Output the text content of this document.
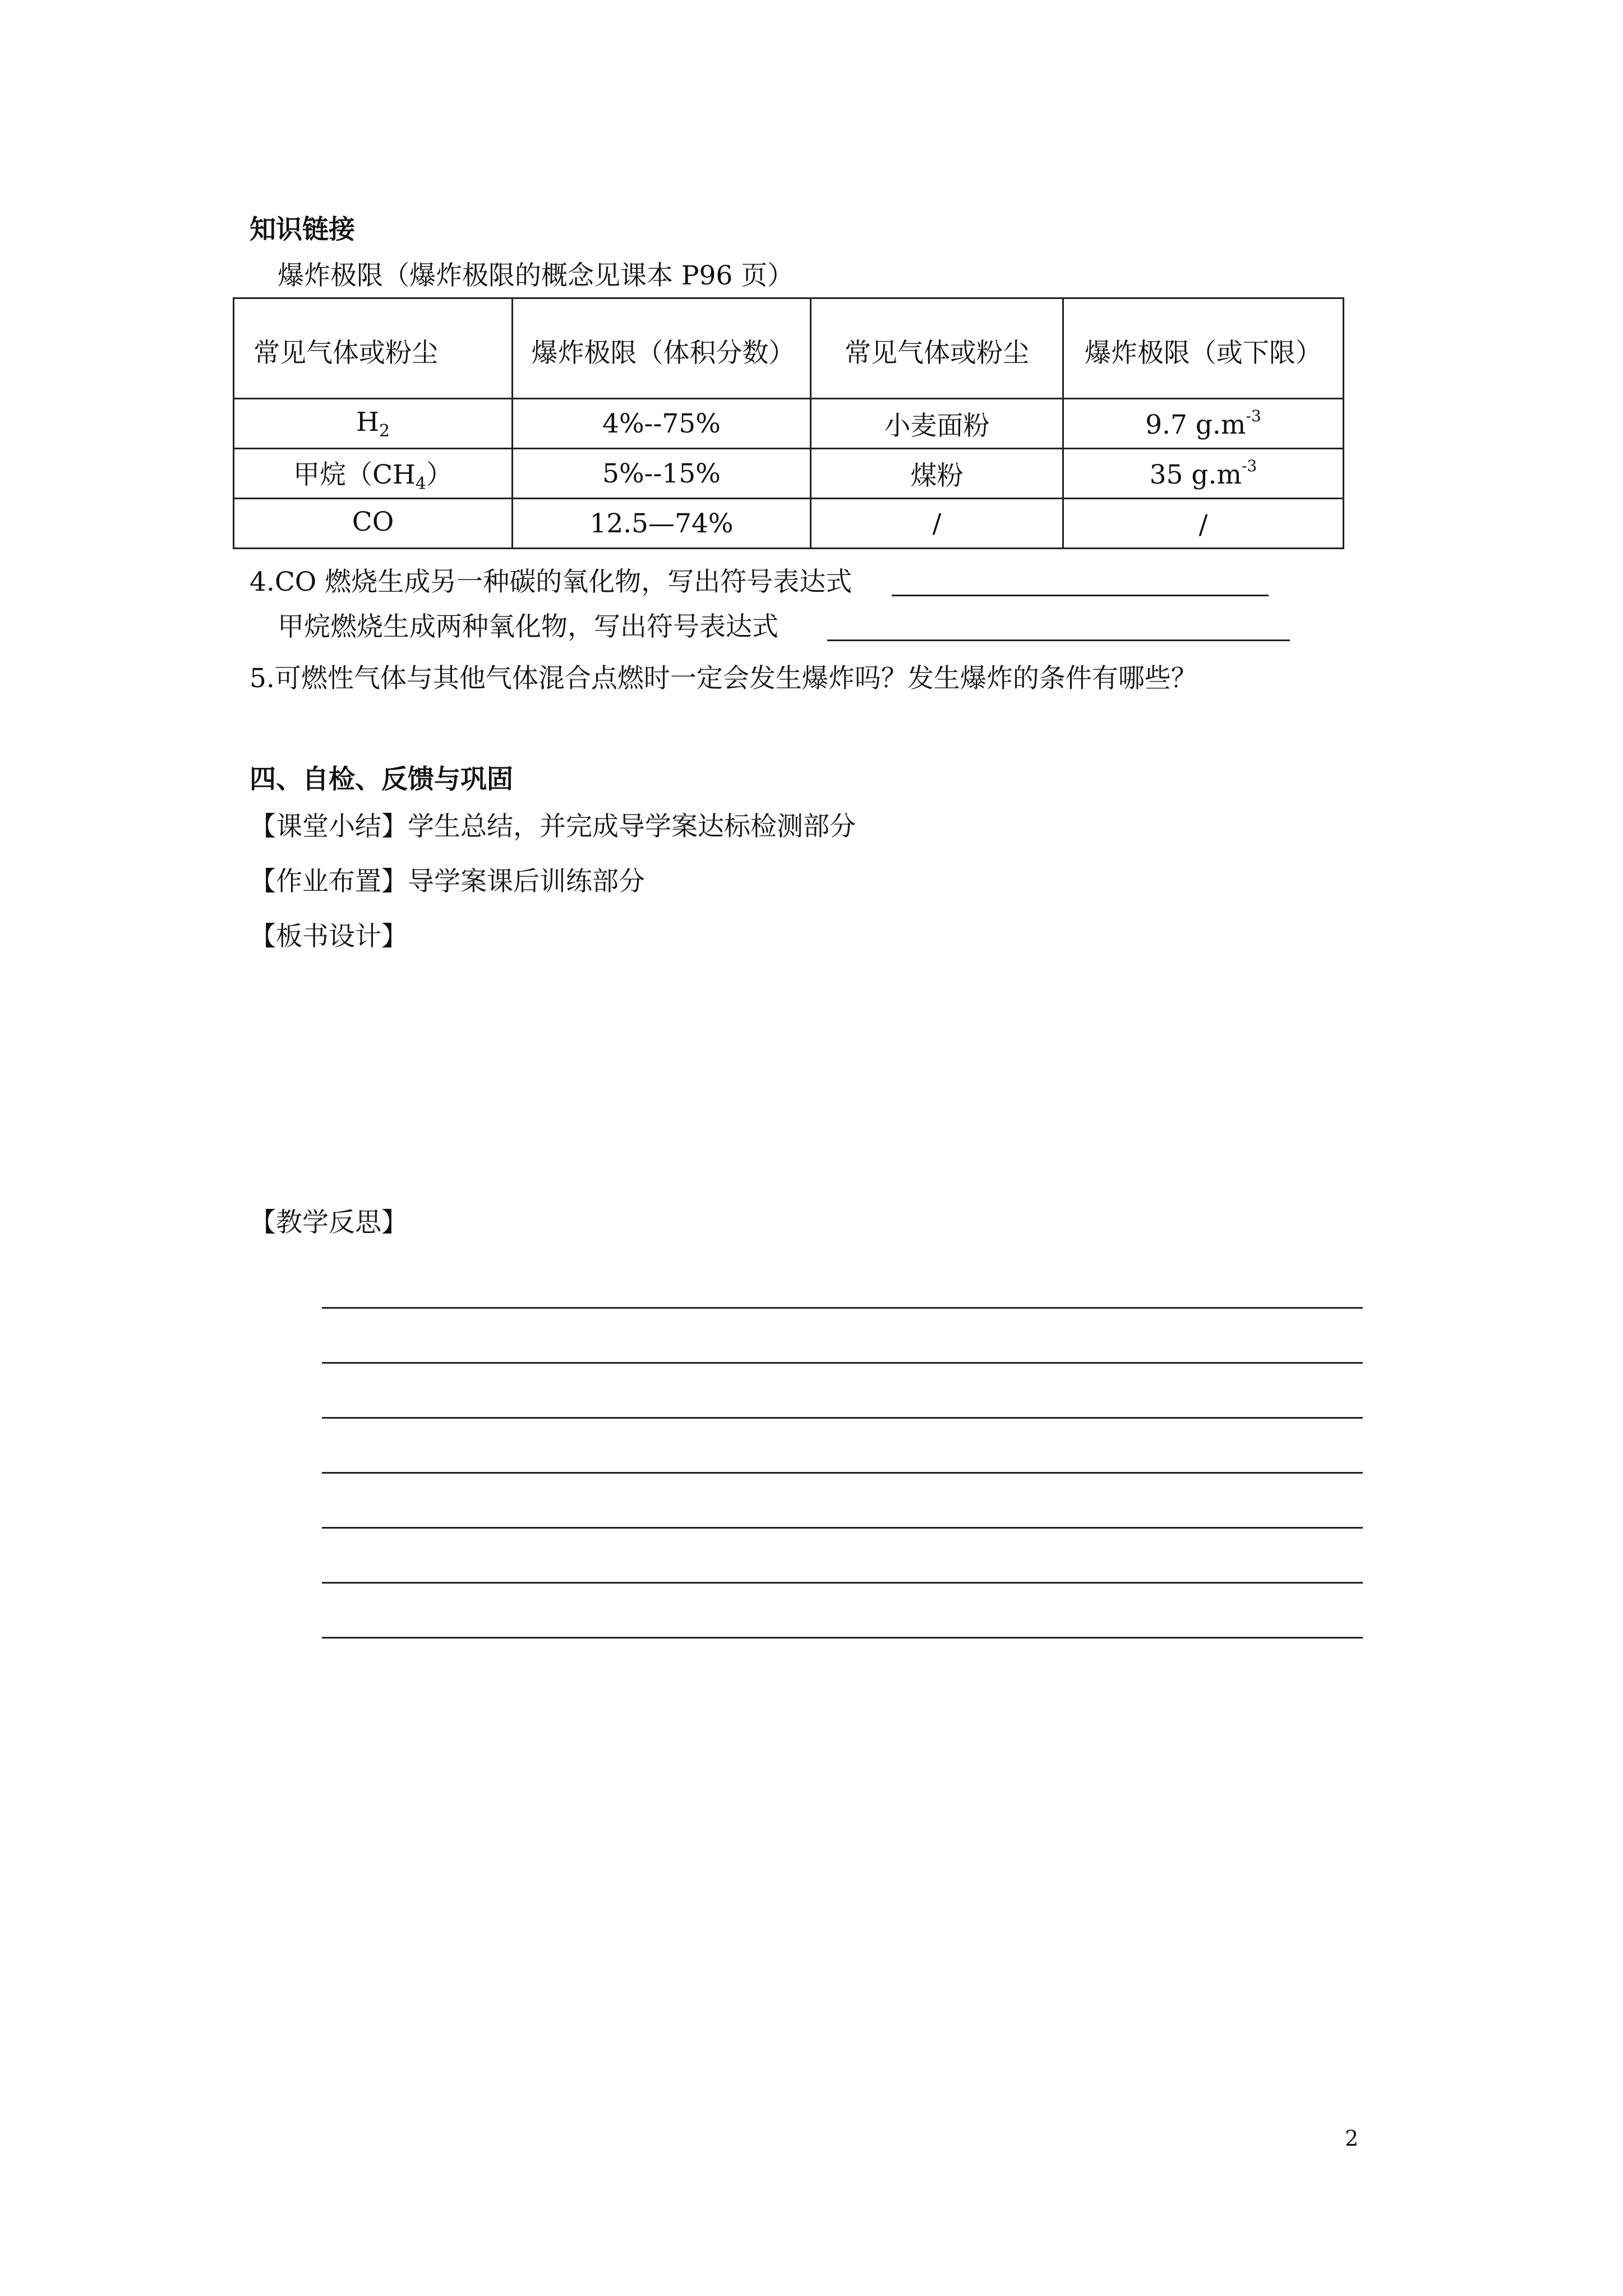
知识链接
爆炸极限（爆炸极限的概念见课本 P96 页）
常见气体或粉尘	爆炸极限（体积分数）	常见气体或粉尘	爆炸极限（或下限）

$H_2$	4%--75%	小麦面粉	9.7 $g.m^{-3}$
甲烷$(CH_4)$	5%--15%	煤粉	35 $g.m^{-3}$
CO	12.5—74%	/	/
4.CO 燃烧生成另一种碳的氧化物，写出符号表达式
甲烷燃烧生成两种氧化物，写出符号表达式
5.可燃性气体与其他气体混合点燃时一定会发生爆炸吗？发生爆炸的条件有哪些？
四、自检、反馈与巩固
【课堂小结】学生总结，并完成导学案达标检测部分
【作业布置】导学案课后训练部分
【板书设计】
【教学反思】
2
